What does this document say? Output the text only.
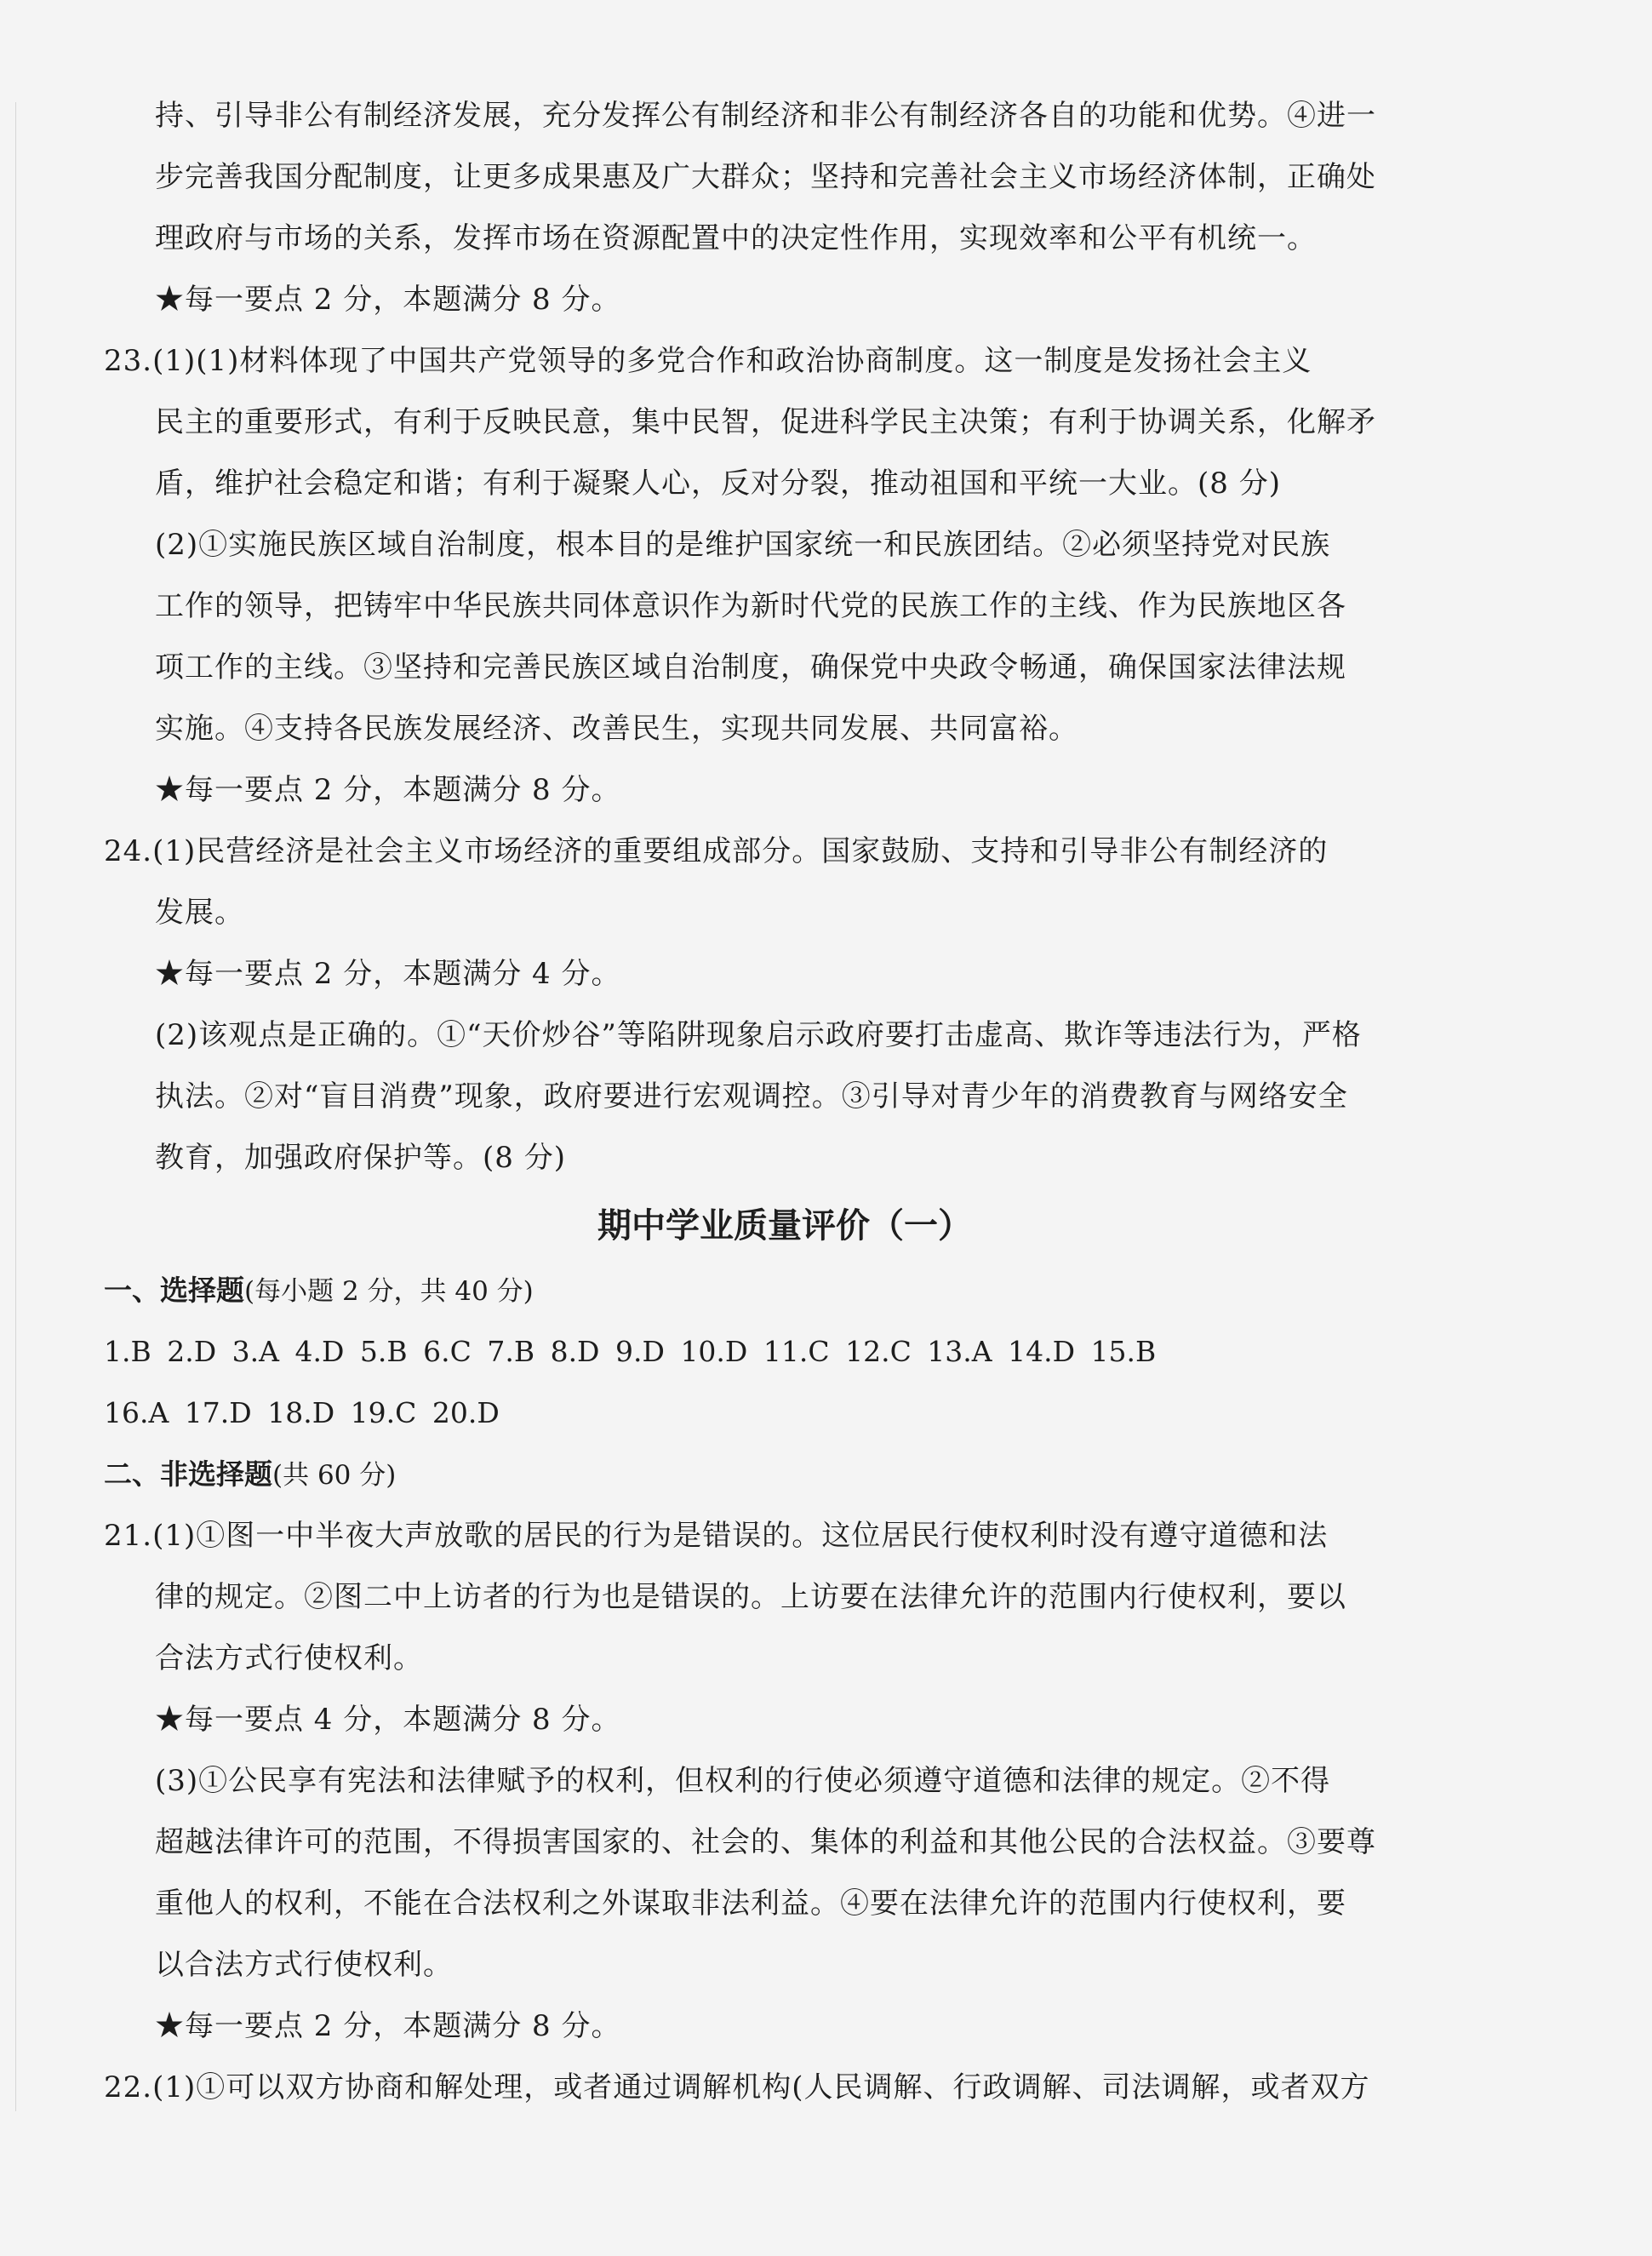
持、引导非公有制经济发展，充分发挥公有制经济和非公有制经济各自的功能和优势。④进一
步完善我国分配制度，让更多成果惠及广大群众；坚持和完善社会主义市场经济体制，正确处
理政府与市场的关系，发挥市场在资源配置中的决定性作用，实现效率和公平有机统一。
★每一要点 2 分，本题满分 8 分。
23.(1)(1)材料体现了中国共产党领导的多党合作和政治协商制度。这一制度是发扬社会主义
民主的重要形式，有利于反映民意，集中民智，促进科学民主决策；有利于协调关系，化解矛
盾，维护社会稳定和谐；有利于凝聚人心，反对分裂，推动祖国和平统一大业。(8 分)
(2)①实施民族区域自治制度，根本目的是维护国家统一和民族团结。②必须坚持党对民族
工作的领导，把铸牢中华民族共同体意识作为新时代党的民族工作的主线、作为民族地区各
项工作的主线。③坚持和完善民族区域自治制度，确保党中央政令畅通，确保国家法律法规
实施。④支持各民族发展经济、改善民生，实现共同发展、共同富裕。
★每一要点 2 分，本题满分 8 分。
24.(1)民营经济是社会主义市场经济的重要组成部分。国家鼓励、支持和引导非公有制经济的
发展。
★每一要点 2 分，本题满分 4 分。
(2)该观点是正确的。①“天价炒谷”等陷阱现象启示政府要打击虚高、欺诈等违法行为，严格
执法。②对“盲目消费”现象，政府要进行宏观调控。③引导对青少年的消费教育与网络安全
教育，加强政府保护等。(8 分)
期中学业质量评价（一）
一、选择题(每小题 2 分，共 40 分)
1.B 2.D 3.A 4.D 5.B 6.C 7.B 8.D 9.D 10.D 11.C 12.C 13.A 14.D 15.B
16.A 17.D 18.D 19.C 20.D
二、非选择题(共 60 分)
21.(1)①图一中半夜大声放歌的居民的行为是错误的。这位居民行使权利时没有遵守道德和法
律的规定。②图二中上访者的行为也是错误的。上访要在法律允许的范围内行使权利，要以
合法方式行使权利。
★每一要点 4 分，本题满分 8 分。
(3)①公民享有宪法和法律赋予的权利，但权利的行使必须遵守道德和法律的规定。②不得
超越法律许可的范围，不得损害国家的、社会的、集体的利益和其他公民的合法权益。③要尊
重他人的权利，不能在合法权利之外谋取非法利益。④要在法律允许的范围内行使权利，要
以合法方式行使权利。
★每一要点 2 分，本题满分 8 分。
22.(1)①可以双方协商和解处理，或者通过调解机构(人民调解、行政调解、司法调解，或者双方
